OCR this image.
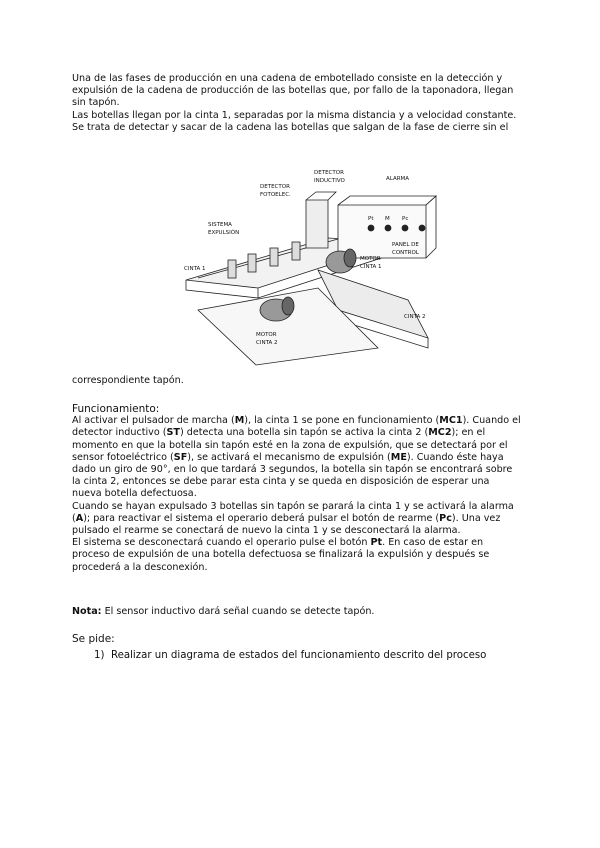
Una de las fases de producción en una cadena de embotellado consiste en la detección y

expulsión de la cadena de producción de las botellas que, por fallo de la taponadora, llegan

sin tapón.

Las botellas llegan por la cinta 1, separadas por la misma distancia y a velocidad constante.

Se trata de detectar y sacar de la cadena las botellas que salgan de la fase de cierre sin el

DETECTOR
INDUCTIVO
DETECTOR
FOTOELEC.
ALARMA
SISTEMA
EXPULSIÓN
CINTA 1
CINTA 2
MOTOR
CINTA 1
MOTOR
CINTA 2
PANEL DE
CONTROL
Pt M Pc

correspondiente tapón.

Funcionamiento:

Al activar el pulsador de marcha (M), la cinta 1 se pone en funcionamiento (MC1). Cuando el

detector inductivo (ST) detecta una botella sin tapón se activa la cinta 2 (MC2); en el

momento en que la botella sin tapón esté en la zona de expulsión, que se detectará por el

sensor fotoeléctrico (SF), se activará el mecanismo de expulsión (ME). Cuando éste haya

dado un giro de 90°, en lo que tardará 3 segundos, la botella sin tapón se encontrará sobre

la cinta 2, entonces se debe parar esta cinta y se queda en disposición de esperar una

nueva botella defectuosa.

Cuando se hayan expulsado 3 botellas sin tapón se parará la cinta 1 y se activará la alarma

(A); para reactivar el sistema el operario deberá pulsar el botón de rearme (Pc). Una vez

pulsado el rearme se conectará de nuevo la cinta 1 y se desconectará la alarma.

El sistema se desconectará cuando el operario pulse el botón Pt. En caso de estar en

proceso de expulsión de una botella defectuosa se finalizará la expulsión y después se

procederá a la desconexión.

Nota: El sensor inductivo dará señal cuando se detecte tapón.

Se pide:

1) Realizar un diagrama de estados del funcionamiento descrito del proceso
